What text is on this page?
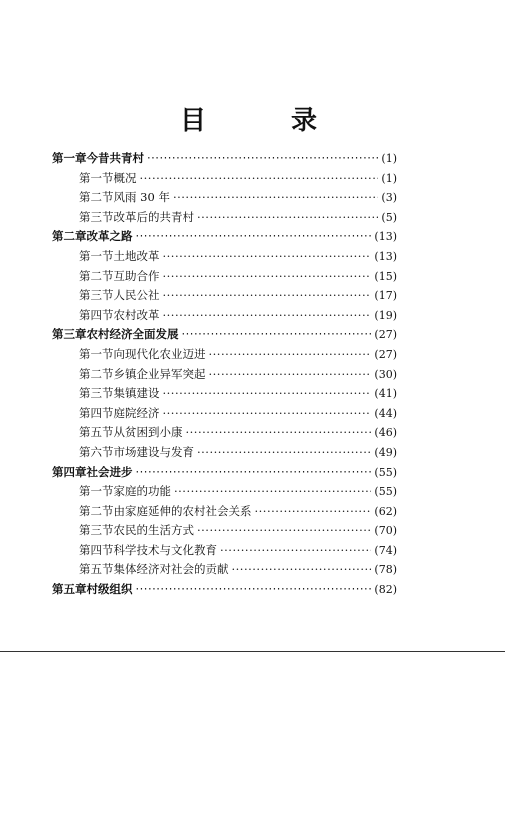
目 录
第一章 今昔共青村 ·····	(1)
第一节 概况 ·····	(1)
第二节 风雨 30 年 ·····	(3)
第三节 改革后的共青村 ·····	(5)
第二章 改革之路 ·····	(13)
第一节 土地改革 ·····	(13)
第二节 互助合作 ·····	(15)
第三节 人民公社 ·····	(17)
第四节 农村改革 ·····	(19)
第三章 农村经济全面发展 ·····	(27)
第一节 向现代化农业迈进 ·····	(27)
第二节 乡镇企业异军突起 ·····	(30)
第三节 集镇建设 ·····	(41)
第四节 庭院经济 ·····	(44)
第五节 从贫困到小康 ·····	(46)
第六节 市场建设与发育 ·····	(49)
第四章 社会进步 ·····	(55)
第一节 家庭的功能 ·····	(55)
第二节 由家庭延伸的农村社会关系 ·····	(62)
第三节 农民的生活方式 ·····	(70)
第四节 科学技术与文化教育 ·····	(74)
第五节 集体经济对社会的贡献 ·····	(78)
第五章 村级组织 ·····	(82)
